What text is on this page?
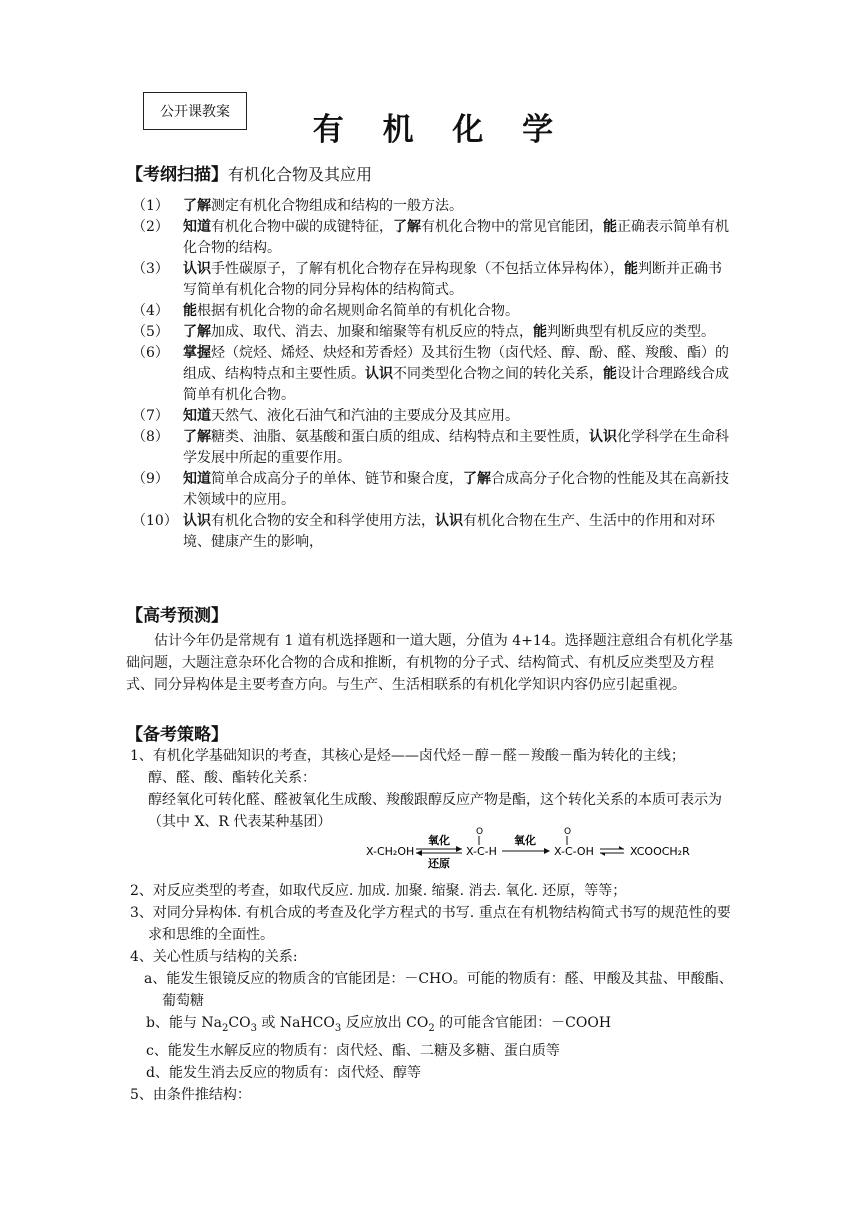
公开课教案	有 机 化 学
【考纲扫描】有机化合物及其应用
（1）	了解测定有机化合物组成和结构的一般方法。
（2）	知道有机化合物中碳的成键特征，了解有机化合物中的常见官能团，能正确表示简单有机化合物的结构。
（3）	认识手性碳原子，了解有机化合物存在异构现象（不包括立体异构体），能判断并正确书写简单有机化合物的同分异构体的结构简式。
（4）	能根据有机化合物的命名规则命名简单的有机化合物。
（5）	了解加成、取代、消去、加聚和缩聚等有机反应的特点，能判断典型有机反应的类型。
（6）	掌握烃（烷烃、烯烃、炔烃和芳香烃）及其衍生物（卤代烃、醇、酚、醛、羧酸、酯）的组成、结构特点和主要性质。认识不同类型化合物之间的转化关系，能设计合理路线合成简单有机化合物。
（7）	知道天然气、液化石油气和汽油的主要成分及其应用。
（8）	了解糖类、油脂、氨基酸和蛋白质的组成、结构特点和主要性质，认识化学科学在生命科学发展中所起的重要作用。
（9）	知道简单合成高分子的单体、链节和聚合度，了解合成高分子化合物的性能及其在高新技术领域中的应用。
（10） 认识有机化合物的安全和科学使用方法，认识有机化合物在生产、生活中的作用和对环境、健康产生的影响，
【高考预测】
估计今年仍是常规有 1 道有机选择题和一道大题，分值为 4+14。选择题注意组合有机化学基础问题，大题注意杂环化合物的合成和推断，有机物的分子式、结构简式、有机反应类型及方程式、同分异构体是主要考查方向。与生产、生活相联系的有机化学知识内容仍应引起重视。
【备考策略】
1、有机化学基础知识的考查，其核心是烃——卤代烃－醇－醛－羧酸－酯为转化的主线；
醇、醛、酸、酯转化关系：
醇经氧化可转化醛、醛被氧化生成酸、羧酸跟醇反应产物是酯，这个转化关系的本质可表示为（其中 X、R 代表某种基团）
X-CH₂OH
氧化
还原
O
X-C-H
氧化
O
X-C-OH	XCOOCH₂R
2、对反应类型的考查，如取代反应. 加成. 加聚. 缩聚. 消去. 氧化. 还原，等等；
3、对同分异构体. 有机合成的考查及化学方程式的书写. 重点在有机物结构简式书写的规范性的要求和思维的全面性。
4、关心性质与结构的关系:
a、能发生银镜反应的物质含的官能团是：－CHO。可能的物质有：醛、甲酸及其盐、甲酸酯、葡萄糖
b、能与 $Na_2CO_3$ 或 NaHCO$_3$ 反应放出 $CO_2$ 的可能含官能团：－COOH
c、能发生水解反应的物质有：卤代烃、酯、二糖及多糖、蛋白质等
d、能发生消去反应的物质有：卤代烃、醇等
5、由条件推结构：
